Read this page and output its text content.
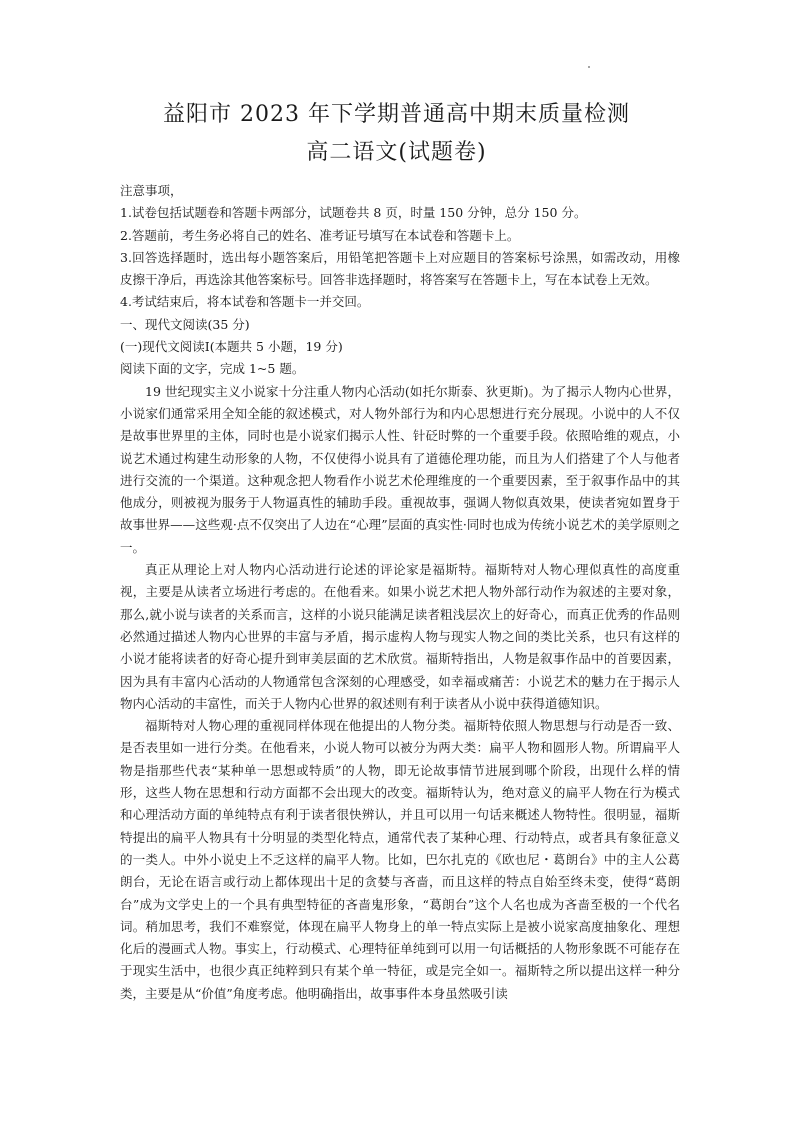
益阳市 2023 年下学期普通高中期末质量检测
高二语文(试题卷)

注意事项，

1.试卷包括试题卷和答题卡两部分，试题卷共 8 页，时量 150 分钟，总分 150 分。

2.答题前，考生务必将自己的姓名、准考证号填写在本试卷和答题卡上。

3.回答选择题时，选出每小题答案后，用铅笔把答题卡上对应题目的答案标号涂黑，如需改动，用橡皮擦干净后，再选涂其他答案标号。回答非选择题时，将答案写在答题卡上，写在本试卷上无效。

4.考试结束后，将本试卷和答题卡一并交回。

一、现代文阅读(35 分)

(一)现代文阅读Ⅰ(本题共 5 小题，19 分)

阅读下面的文字，完成 1~5 题。

19 世纪现实主义小说家十分注重人物内心活动(如托尔斯泰、狄更斯)。为了揭示人物内心世界，小说家们通常采用全知全能的叙述模式，对人物外部行为和内心思想进行充分展现。小说中的人不仅是故事世界里的主体，同时也是小说家们揭示人性、针砭时弊的一个重要手段。依照哈维的观点，小说艺术通过构建生动形象的人物，不仅使得小说具有了道德伦理功能，而且为人们搭建了个人与他者进行交流的一个渠道。这种观念把人物看作小说艺术伦理维度的一个重要因素，至于叙事作品中的其他成分，则被视为服务于人物逼真性的辅助手段。重视故事，强调人物似真效果，使读者宛如置身于故事世界——这些观·点不仅突出了人边在“心理”层面的真实性·同时也成为传统小说艺术的美学原则之一。

真正从理论上对人物内心活动进行论述的评论家是福斯特。福斯特对人物心理似真性的高度重视，主要是从读者立场进行考虑的。在他看来。如果小说艺术把人物外部行动作为叙述的主要对象，那么,就小说与读者的关系而言，这样的小说只能满足读者粗浅层次上的好奇心，而真正优秀的作品则必然通过描述人物内心世界的丰富与矛盾，揭示虚构人物与现实人物之间的类比关系，也只有这样的小说才能将读者的好奇心提升到审美层面的艺术欣赏。福斯特指出，人物是叙事作品中的首要因素，因为具有丰富内心活动的人物通常包含深刻的心理感受，如幸福或痛苦：小说艺术的魅力在于揭示人物内心活动的丰富性，而关于人物内心世界的叙述则有利于读者从小说中获得道德知识。

福斯特对人物心理的重视同样体现在他提出的人物分类。福斯特依照人物思想与行动是否一致、是否表里如一进行分类。在他看来，小说人物可以被分为两大类：扁平人物和圆形人物。所谓扁平人物是指那些代表“某种单一思想或特质”的人物，即无论故事情节进展到哪个阶段，出现什么样的情形，这些人物在思想和行动方面都不会出现大的改变。福斯特认为，绝对意义的扁平人物在行为模式和心理活动方面的单纯特点有利于读者很快辨认，并且可以用一句话来概述人物特性。很明显，福斯特提出的扁平人物具有十分明显的类型化特点，通常代表了某种心理、行动特点，或者具有象征意义的一类人。中外小说史上不乏这样的扁平人物。比如，巴尔扎克的《欧也尼・葛朗台》中的主人公葛朗台，无论在语言或行动上都体现出十足的贪婪与吝啬，而且这样的特点自始至终未变，使得“葛朗台”成为文学史上的一个具有典型特征的吝啬鬼形象，“葛朗台”这个人名也成为吝啬至极的一个代名词。稍加思考，我们不难察觉，体现在扁平人物身上的单一特点实际上是被小说家高度抽象化、理想化后的漫画式人物。事实上，行动模式、心理特征单纯到可以用一句话概括的人物形象既不可能存在于现实生活中，也很少真正纯粹到只有某个单一特征，或是完全如一。福斯特之所以提出这样一种分类，主要是从“价值”角度考虑。他明确指出，故事事件本身虽然吸引读
